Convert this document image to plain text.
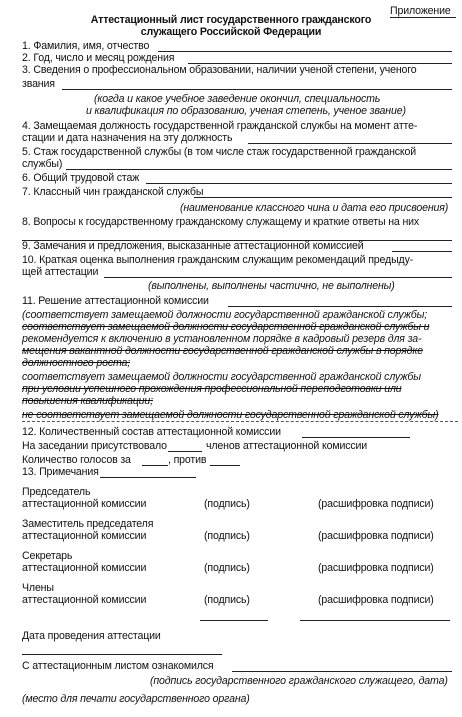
Приложение
Аттестационный лист государственного гражданского
служащего Российской Федерации
1. Фамилия, имя, отчество
2. Год, число и месяц рождения
3. Сведения о профессиональном образовании, наличии ученой степени, ученого
звания
(когда и какое учебное заведение окончил, специальность
и квалификация по образованию, ученая степень, ученое звание)
4. Замещаемая должность государственной гражданской службы на момент атте-
стации и дата назначения на эту должность
5. Стаж государственной службы (в том числе стаж государственной гражданской
службы)
6. Общий трудовой стаж
7. Классный чин гражданской службы
(наименование классного чина и дата его присвоения)
8. Вопросы к государственному гражданскому служащему и краткие ответы на них
9. Замечания и предложения, высказанные аттестационной комиссией
10. Краткая оценка выполнения гражданским служащим рекомендаций предыду-
щей аттестации
(выполнены, выполнены частично, не выполнены)
11. Решение аттестационной комиссии
(соответствует замещаемой должности государственной гражданской службы;
соответствует замещаемой должности государственной гражданской службы и
рекомендуется к включению в установленном порядке в кадровый резерв для за-
мещения вакантной должности государственной гражданской службы в порядке
должностного роста;
соответствует замещаемой должности государственной гражданской службы
при условии успешного прохождения профессиональной переподготовки или
повышения квалификации;
не соответствует замещаемой должности государственной гражданской службы)
12. Количественный состав аттестационной комиссии
На заседании присутствовало	членов аттестационной комиссии
Количество голосов за	, против
13. Примечания
Председатель
аттестационной комиссии	(подпись)	(расшифровка подписи)
Заместитель председателя
аттестационной комиссии	(подпись)	(расшифровка подписи)
Секретарь
аттестационной комиссии	(подпись)	(расшифровка подписи)
Члены
аттестационной комиссии	(подпись)	(расшифровка подписи)
Дата проведения аттестации
С аттестационным листом ознакомился
(подпись государственного гражданского служащего, дата)
(место для печати государственного органа)
